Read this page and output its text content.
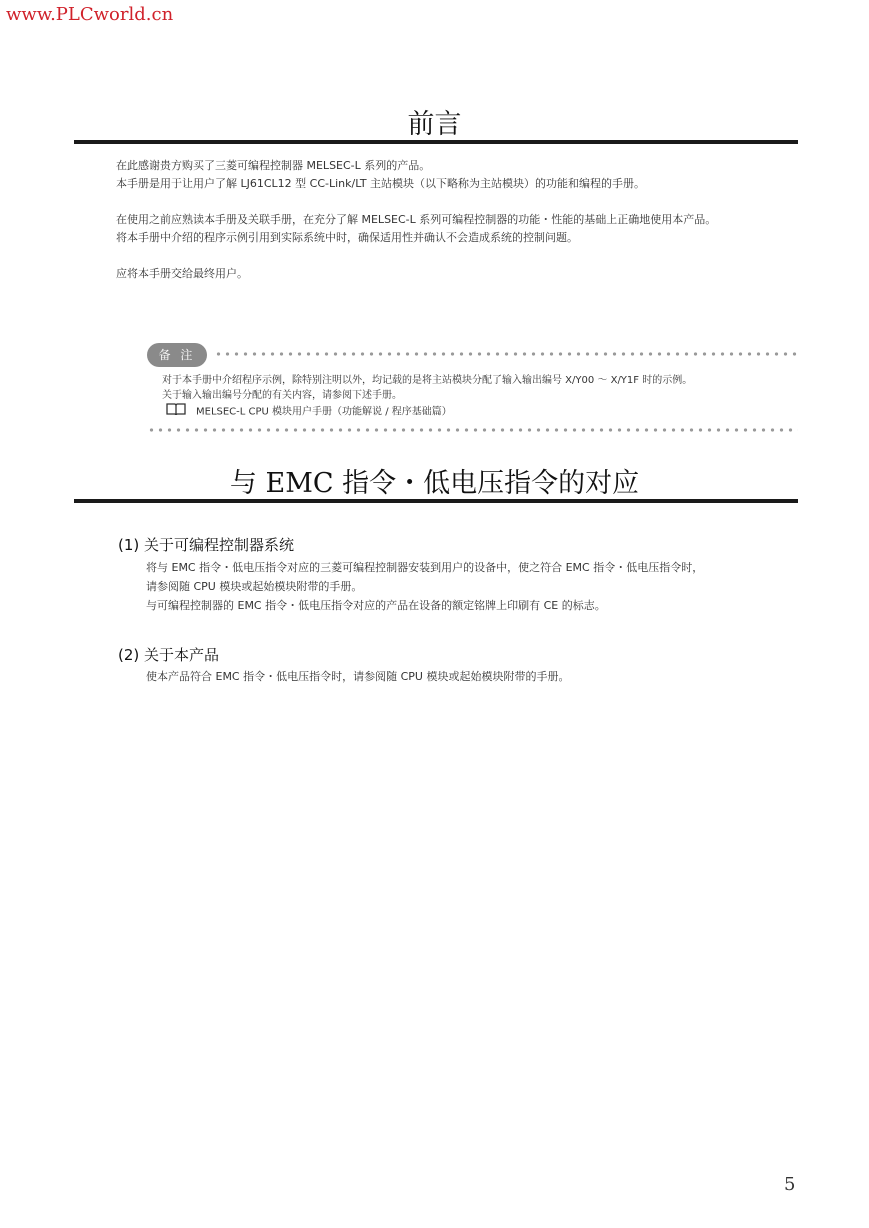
www.PLCworld.cn
前言

在此感谢贵方购买了三菱可编程控制器 MELSEC-L 系列的产品。

本手册是用于让用户了解 LJ61CL12 型 CC-Link/LT 主站模块（以下略称为主站模块）的功能和编程的手册。

在使用之前应熟读本手册及关联手册，在充分了解 MELSEC-L 系列可编程控制器的功能・性能的基础上正确地使用本产品。

将本手册中介绍的程序示例引用到实际系统中时，确保适用性并确认不会造成系统的控制问题。

应将本手册交给最终用户。

备 注

对于本手册中介绍程序示例，除特别注明以外，均记载的是将主站模块分配了输入输出编号 X/Y00 ～ X/Y1F 时的示例。

关于输入输出编号分配的有关内容，请参阅下述手册。

MELSEC-L CPU 模块用户手册（功能解说 / 程序基础篇）

与 EMC 指令・低电压指令的对应
(1) 关于可编程控制器系统

将与 EMC 指令・低电压指令对应的三菱可编程控制器安装到用户的设备中，使之符合 EMC 指令・低电压指令时，

请参阅随 CPU 模块或起始模块附带的手册。

与可编程控制器的 EMC 指令・低电压指令对应的产品在设备的额定铭牌上印刷有 CE 的标志。

(2) 关于本产品

使本产品符合 EMC 指令・低电压指令时，请参阅随 CPU 模块或起始模块附带的手册。

5
